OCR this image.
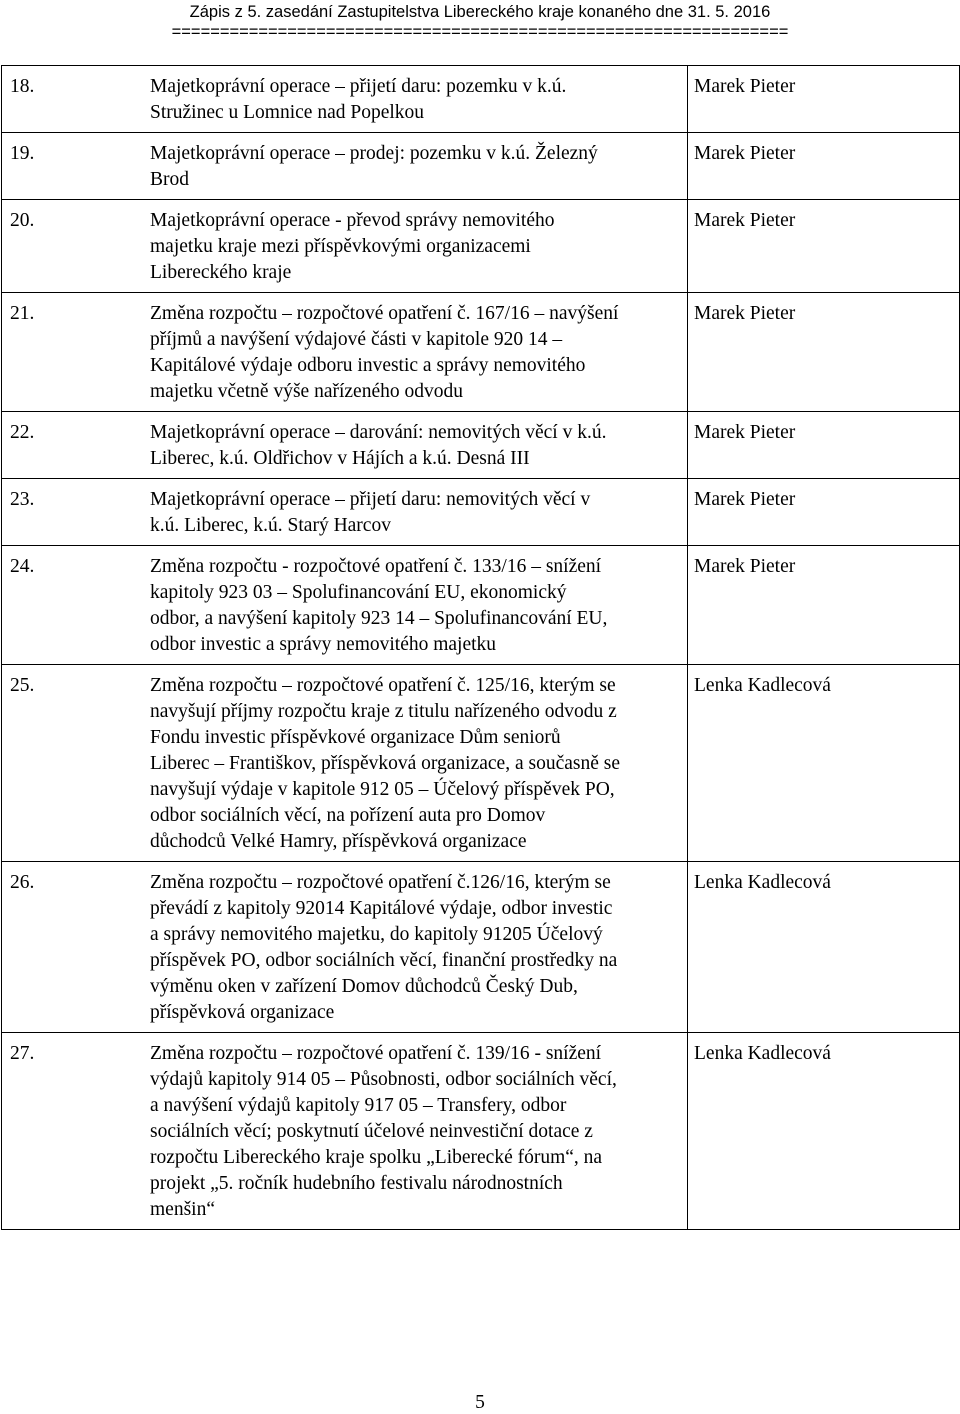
Zápis z 5. zasedání Zastupitelstva Libereckého kraje konaného dne 31. 5. 2016
================================================================
18. Majetkoprávní operace – přijetí daru: pozemku v k.ú. Stružinec u Lomnice nad Popelkou	Marek Pieter
19. Majetkoprávní operace – prodej: pozemku v k.ú. Železný Brod	Marek Pieter
20. Majetkoprávní operace - převod správy nemovitého majetku kraje mezi příspěvkovými organizacemi Libereckého kraje	Marek Pieter
21. Změna rozpočtu – rozpočtové opatření č. 167/16 – navýšení příjmů a navýšení výdajové části v kapitole 920 14 – Kapitálové výdaje odboru investic a správy nemovitého majetku včetně výše nařízeného odvodu	Marek Pieter
22. Majetkoprávní operace – darování: nemovitých věcí v k.ú. Liberec, k.ú. Oldřichov v Hájích a k.ú. Desná III	Marek Pieter
23. Majetkoprávní operace – přijetí daru: nemovitých věcí v k.ú. Liberec, k.ú. Starý Harcov	Marek Pieter
24. Změna rozpočtu - rozpočtové opatření č. 133/16 – snížení kapitoly 923 03 – Spolufinancování EU, ekonomický odbor, a navýšení kapitoly 923 14 – Spolufinancování EU, odbor investic a správy nemovitého majetku	Marek Pieter
25. Změna rozpočtu – rozpočtové opatření č. 125/16, kterým se navyšují příjmy rozpočtu kraje z titulu nařízeného odvodu z Fondu investic příspěvkové organizace Dům seniorů Liberec – Františkov, příspěvková organizace, a současně se navyšují výdaje v kapitole 912 05 – Účelový příspěvek PO, odbor sociálních věcí, na pořízení auta pro Domov důchodců Velké Hamry, příspěvková organizace	Lenka Kadlecová
26. Změna rozpočtu – rozpočtové opatření č.126/16, kterým se převádí z kapitoly 92014 Kapitálové výdaje, odbor investic a správy nemovitého majetku, do kapitoly 91205 Účelový příspěvek PO, odbor sociálních věcí, finanční prostředky na výměnu oken v zařízení Domov důchodců Český Dub, příspěvková organizace	Lenka Kadlecová
27. Změna rozpočtu – rozpočtové opatření č. 139/16 - snížení výdajů kapitoly 914 05 – Působnosti, odbor sociálních věcí, a navýšení výdajů kapitoly 917 05 – Transfery, odbor sociálních věcí; poskytnutí účelové neinvestiční dotace z rozpočtu Libereckého kraje spolku „Liberecké fórum“, na projekt „5. ročník hudebního festivalu národnostních menšin“	Lenka Kadlecová
5
